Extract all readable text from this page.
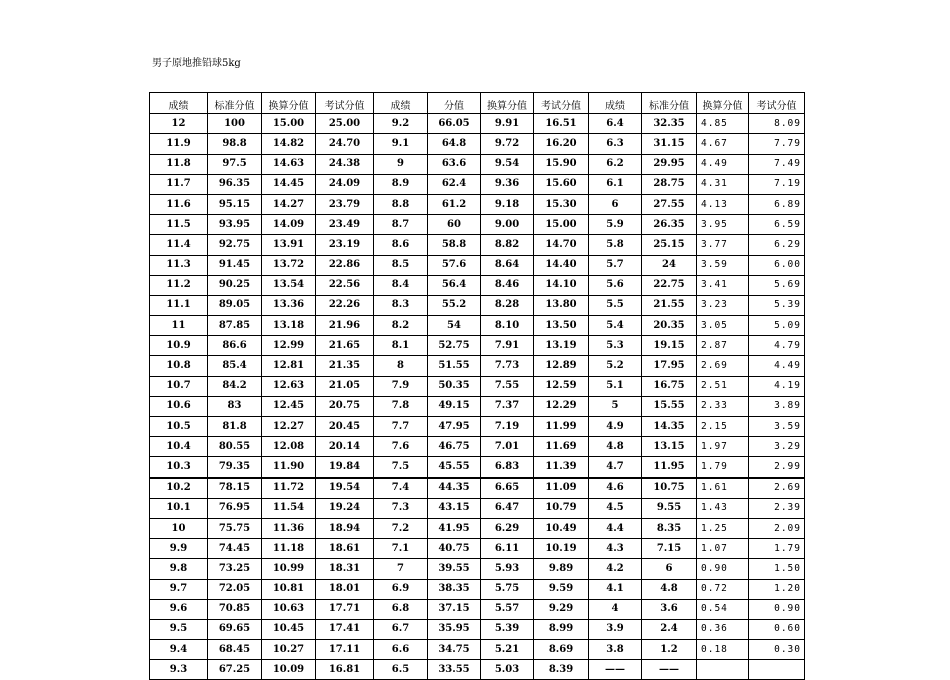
男子原地推铅球5kg
成绩	标准分值	换算分值	考试分值	成绩	分值	换算分值	考试分值	成绩	标准分值	换算分值	考试分值
12	100	15.00	25.00	9.2	66.05	9.91	16.51	6.4	32.35	4.85	8.09
11.9	98.8	14.82	24.70	9.1	64.8	9.72	16.20	6.3	31.15	4.67	7.79
11.8	97.5	14.63	24.38	9	63.6	9.54	15.90	6.2	29.95	4.49	7.49
11.7	96.35	14.45	24.09	8.9	62.4	9.36	15.60	6.1	28.75	4.31	7.19
11.6	95.15	14.27	23.79	8.8	61.2	9.18	15.30	6	27.55	4.13	6.89
11.5	93.95	14.09	23.49	8.7	60	9.00	15.00	5.9	26.35	3.95	6.59
11.4	92.75	13.91	23.19	8.6	58.8	8.82	14.70	5.8	25.15	3.77	6.29
11.3	91.45	13.72	22.86	8.5	57.6	8.64	14.40	5.7	24	3.59	6.00
11.2	90.25	13.54	22.56	8.4	56.4	8.46	14.10	5.6	22.75	3.41	5.69
11.1	89.05	13.36	22.26	8.3	55.2	8.28	13.80	5.5	21.55	3.23	5.39
11	87.85	13.18	21.96	8.2	54	8.10	13.50	5.4	20.35	3.05	5.09
10.9	86.6	12.99	21.65	8.1	52.75	7.91	13.19	5.3	19.15	2.87	4.79
10.8	85.4	12.81	21.35	8	51.55	7.73	12.89	5.2	17.95	2.69	4.49
10.7	84.2	12.63	21.05	7.9	50.35	7.55	12.59	5.1	16.75	2.51	4.19
10.6	83	12.45	20.75	7.8	49.15	7.37	12.29	5	15.55	2.33	3.89
10.5	81.8	12.27	20.45	7.7	47.95	7.19	11.99	4.9	14.35	2.15	3.59
10.4	80.55	12.08	20.14	7.6	46.75	7.01	11.69	4.8	13.15	1.97	3.29
10.3	79.35	11.90	19.84	7.5	45.55	6.83	11.39	4.7	11.95	1.79	2.99
10.2	78.15	11.72	19.54	7.4	44.35	6.65	11.09	4.6	10.75	1.61	2.69
10.1	76.95	11.54	19.24	7.3	43.15	6.47	10.79	4.5	9.55	1.43	2.39
10	75.75	11.36	18.94	7.2	41.95	6.29	10.49	4.4	8.35	1.25	2.09
9.9	74.45	11.18	18.61	7.1	40.75	6.11	10.19	4.3	7.15	1.07	1.79
9.8	73.25	10.99	18.31	7	39.55	5.93	9.89	4.2	6	0.90	1.50
9.7	72.05	10.81	18.01	6.9	38.35	5.75	9.59	4.1	4.8	0.72	1.20
9.6	70.85	10.63	17.71	6.8	37.15	5.57	9.29	4	3.6	0.54	0.90
9.5	69.65	10.45	17.41	6.7	35.95	5.39	8.99	3.9	2.4	0.36	0.60
9.4	68.45	10.27	17.11	6.6	34.75	5.21	8.69	3.8	1.2	0.18	0.30
9.3	67.25	10.09	16.81	6.5	33.55	5.03	8.39	——	——		
